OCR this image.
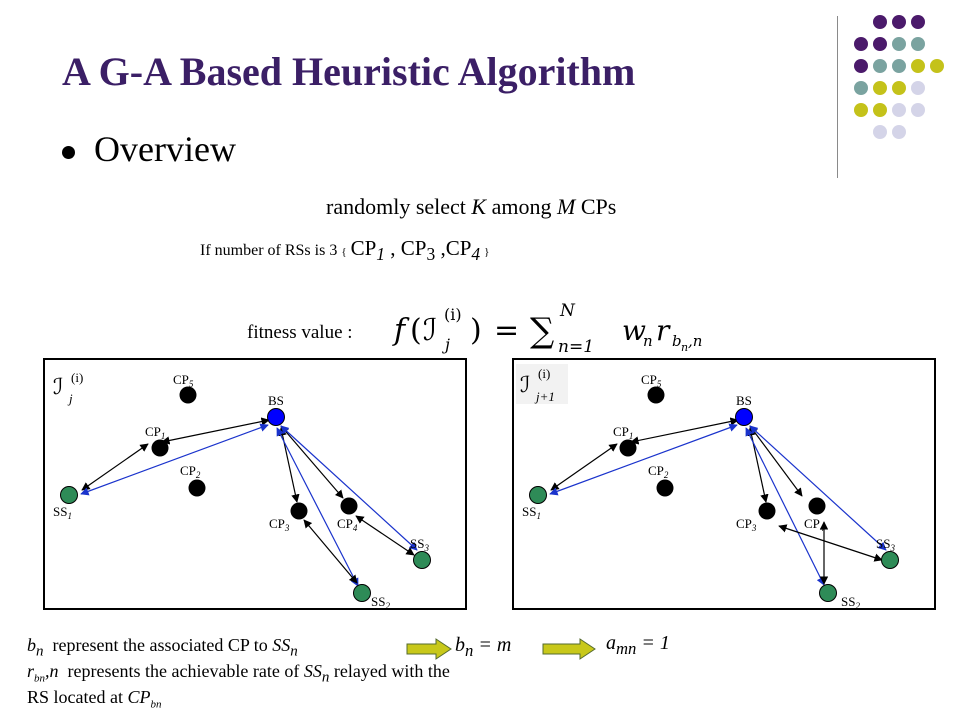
A G-A Based Heuristic Algorithm
Overview
randomly select K among M CPs
If number of RSs is 3 { $CP_1$ , $CP_3$ $,CP_4$ }
fitness value : f ( ℐ (i)
j ) = ∑ N
n=1 w
n r b n ,n
ℐ (i)
j
$CP_5$
BS
$CP_1$
$CP_2$
$SS_1$	$CP_3$	$CP_4$
$SS_3$
$SS_2$
ℐ (i)
j+1
$CP_5$
BS
$CP_1$
$CP_2$
$SS_1$	$CP_3$	$CP_4$
$SS_3$
$SS_2$
$b_n$  represent the associated CP to $SS_n$
$r_{bn},n$  represents the achievable rate of $SS_n$ relayed with the
RS located at $CP_{bn}$
$b_n = m$	$a_{mn} = 1$
